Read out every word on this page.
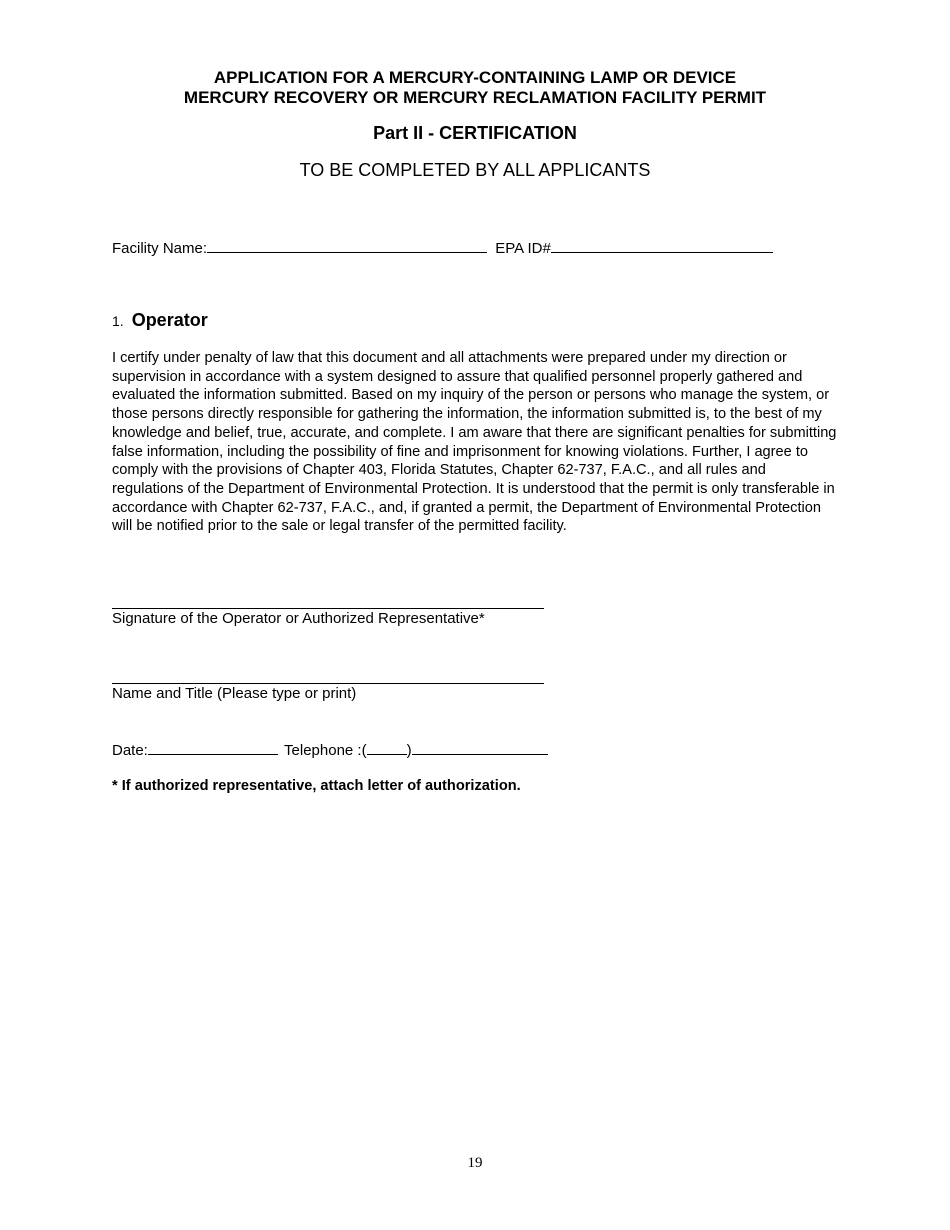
APPLICATION FOR A MERCURY-CONTAINING LAMP OR DEVICE
MERCURY RECOVERY OR MERCURY RECLAMATION FACILITY PERMIT
Part II - CERTIFICATION
TO BE COMPLETED BY ALL APPLICANTS
Facility Name:	EPA ID#
1. Operator
I certify under penalty of law that this document and all attachments were prepared under my direction or supervision in accordance with a system designed to assure that qualified personnel properly gathered and evaluated the information submitted. Based on my inquiry of the person or persons who manage the system, or those persons directly responsible for gathering the information, the information submitted is, to the best of my knowledge and belief, true, accurate, and complete. I am aware that there are significant penalties for submitting false information, including the possibility of fine and imprisonment for knowing violations. Further, I agree to comply with the provisions of Chapter 403, Florida Statutes, Chapter 62-737, F.A.C., and all rules and regulations of the Department of Environmental Protection. It is understood that the permit is only transferable in accordance with Chapter 62-737, F.A.C., and, if granted a permit, the Department of Environmental Protection will be notified prior to the sale or legal transfer of the permitted facility.
Signature of the Operator or Authorized Representative*
Name and Title (Please type or print)
Date:	Telephone :(	)
* If authorized representative, attach letter of authorization.
19
